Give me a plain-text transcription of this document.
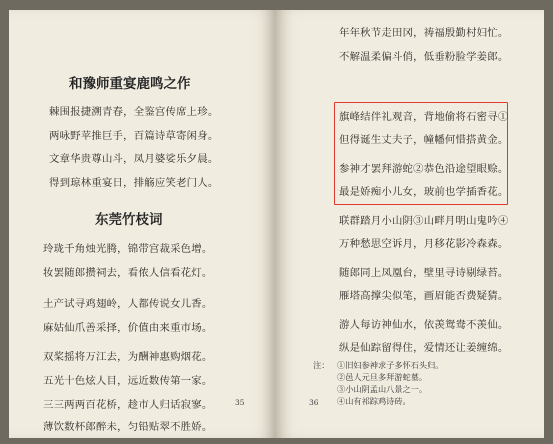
和豫师重宴鹿鸣之作
棘围报捷溯青春，全鉴宫传席上珍。
两咏野苹推巨手，百篇诗草寄闲身。
文章华贵尊山斗，凤月婆娑乐夕晨。
得到琼林重宴日，排觞应笑老门人。
东莞竹枝词
玲珑千角烛光腾，锦带宫裁采色增。
妆罢随郎攒祠去，看侬人信看花灯。
土产试寻鸡翅岭，人都传说女儿香。
麻姑仙爪善采择，价值由来重市场。
双桨摇将万江去，为酬神惠购烟花。
五光十色炫人目，远近数传第一家。
三三两两百花桥，趁市人归话寂寥。
薄饮数杯郎醉未，匀铅贴翠不胜娇。
35
年年秋节走田冈，祷福殷勤村妇忙。
不解温柔偏斗俏，低垂粉脸学姜郎。
旗峰结伴礼观音，背地偷将石密寻①
但得诞生丈夫子，幢幡何惜搭黄金。
参神才罢拜游蛇②恭色沿途望眼赊。
最是娇痴小儿女，玻前也学插香花。
联群踏月小山阴③山畔月明山鬼吟④
万种愁思空诉月，月移花影冷森森。
随郎同上凤凰台，壁里寻诗剔绿苔。
雁塔高撑尖似笔，画眉能否费疑猜。
游人每访神仙水，依羡鸳鸯不羡仙。
纵是仙踪留得住，爱情还让姜缠绵。
注： ①旧妇参神求子多怀石头归。
②邑人元旦多拜游蛇墓。
③小山阴孟山八景之一。
④山有祁踪鸡诗砖。
36
